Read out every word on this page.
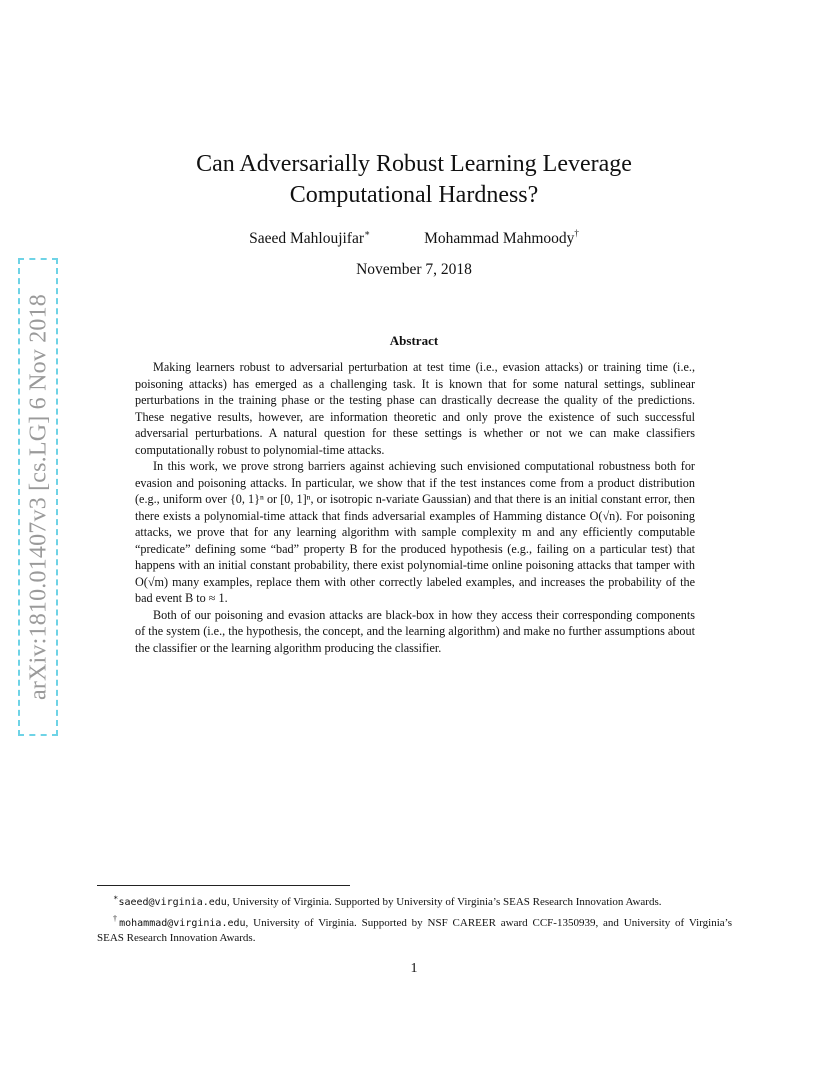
arXiv:1810.01407v3 [cs.LG] 6 Nov 2018
Can Adversarially Robust Learning Leverage
Computational Hardness?
Saeed Mahloujifar∗	Mohammad Mahmoody†
November 7, 2018
Abstract

Making learners robust to adversarial perturbation at test time (i.e., evasion attacks) or training time (i.e., poisoning attacks) has emerged as a challenging task. It is known that for some natural settings, sublinear perturbations in the training phase or the testing phase can drastically decrease the quality of the predictions. These negative results, however, are information theoretic and only prove the existence of such successful adversarial perturbations. A natural question for these settings is whether or not we can make classifiers computationally robust to polynomial-time attacks.

In this work, we prove strong barriers against achieving such envisioned computational robustness both for evasion and poisoning attacks. In particular, we show that if the test instances come from a product distribution (e.g., uniform over {0, 1}ⁿ or [0, 1]ⁿ, or isotropic n-variate Gaussian) and that there is an initial constant error, then there exists a polynomial-time attack that finds adversarial examples of Hamming distance O(√n). For poisoning attacks, we prove that for any learning algorithm with sample complexity m and any efficiently computable “predicate” defining some “bad” property B for the produced hypothesis (e.g., failing on a particular test) that happens with an initial constant probability, there exist polynomial-time online poisoning attacks that tamper with O(√m) many examples, replace them with other correctly labeled examples, and increases the probability of the bad event B to ≈ 1.

Both of our poisoning and evasion attacks are black-box in how they access their corresponding components of the system (i.e., the hypothesis, the concept, and the learning algorithm) and make no further assumptions about the classifier or the learning algorithm producing the classifier.

∗saeed@virginia.edu, University of Virginia. Supported by University of Virginia’s SEAS Research Innovation Awards.

†mohammad@virginia.edu, University of Virginia. Supported by NSF CAREER award CCF-1350939, and University of Virginia’s SEAS Research Innovation Awards.

1
